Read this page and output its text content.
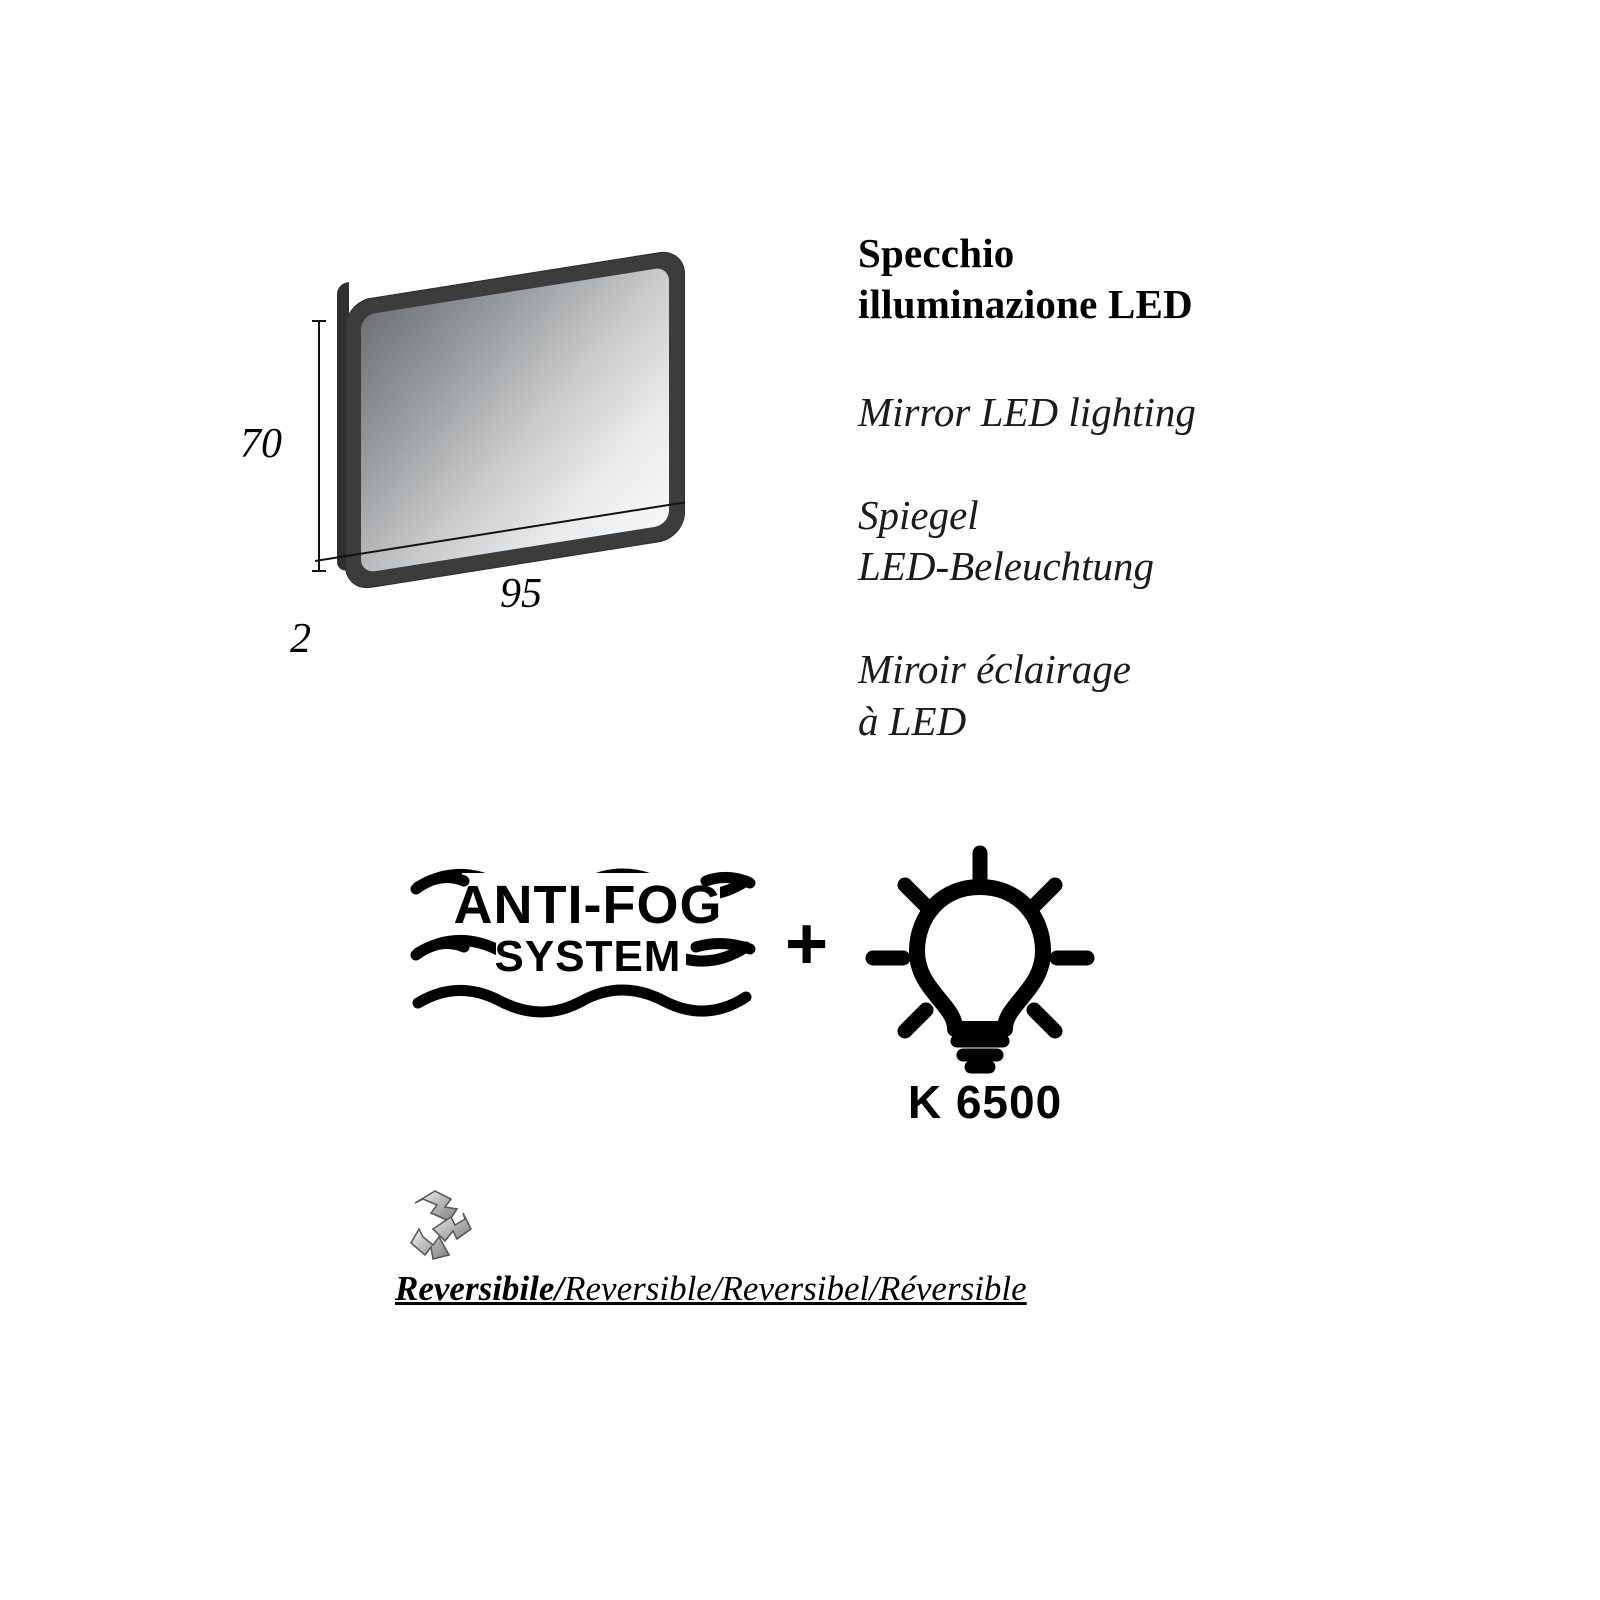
70
95
2
Specchio
illuminazione LED
Mirror LED lighting
Spiegel
LED-Beleuchtung
Miroir éclairage
à LED
ANTI-FOG
SYSTEM +
K 6500
Reversibile/Reversible/Reversibel/Réversible
